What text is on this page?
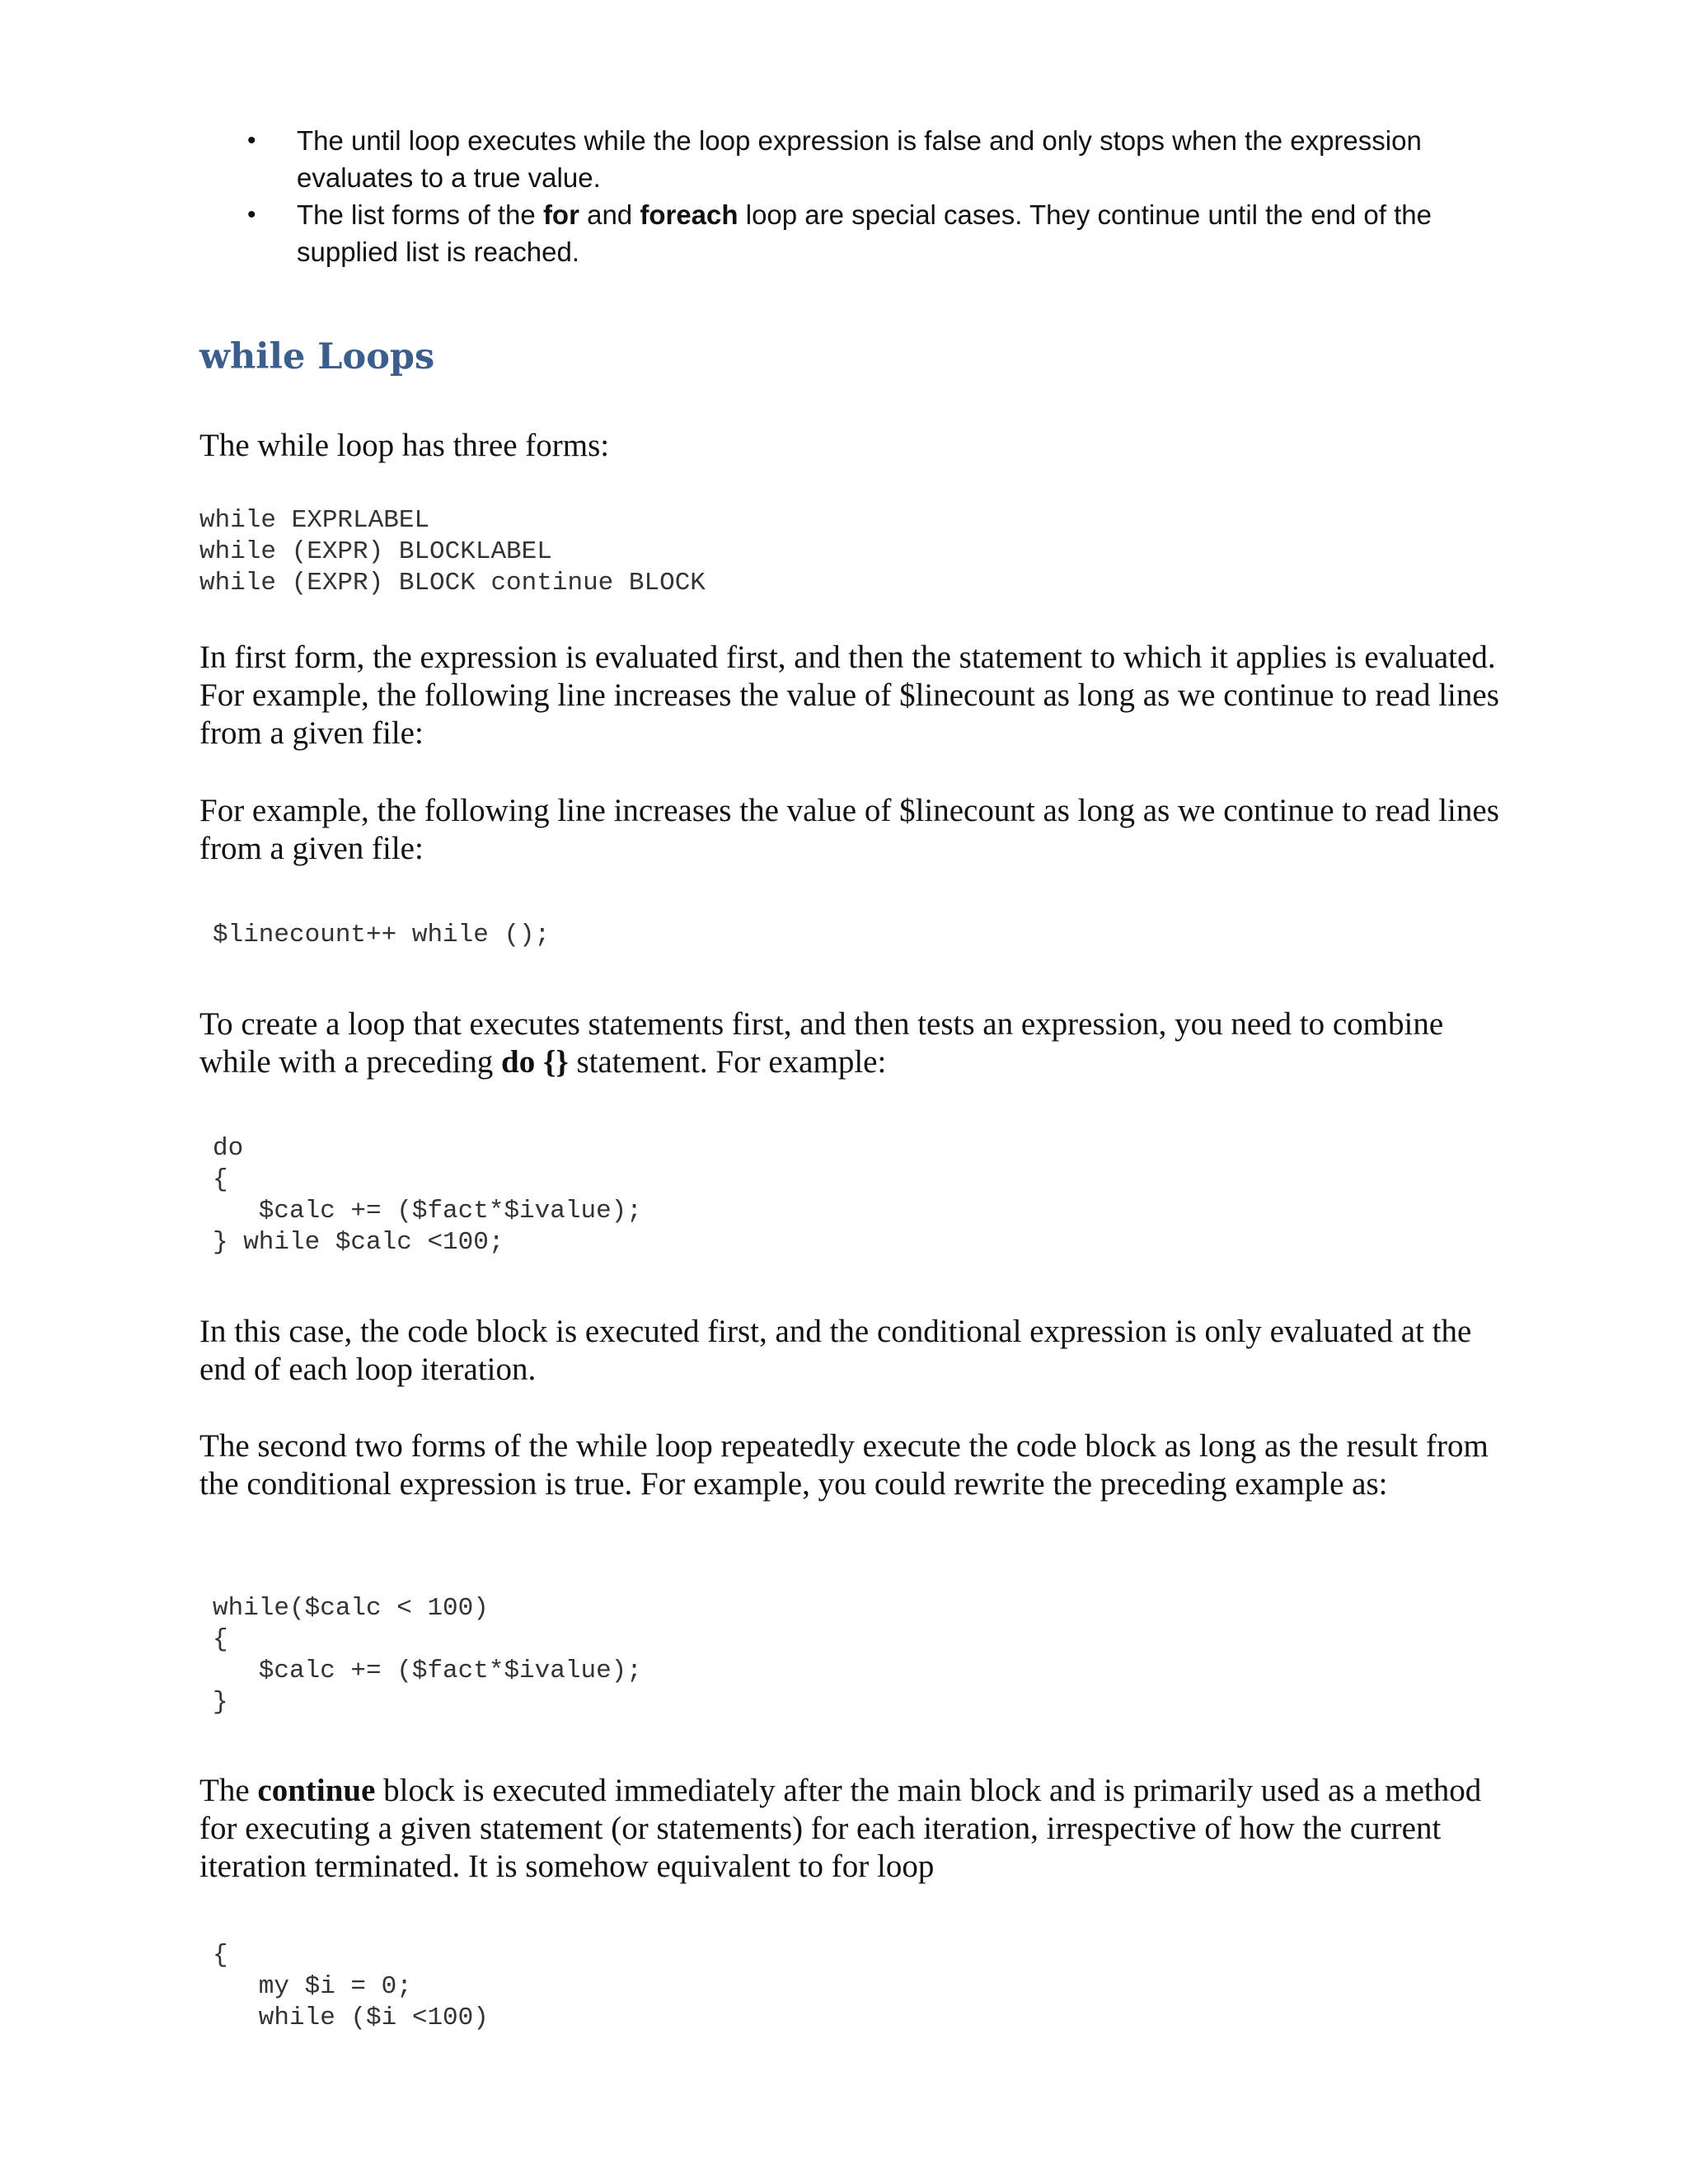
• The until loop executes while the loop expression is false and only stops when the expression evaluates to a true value.
• The list forms of the for and foreach loop are special cases. They continue until the end of the supplied list is reached.
while Loops

The while loop has three forms:

while EXPRLABEL
while (EXPR) BLOCKLABEL
while (EXPR) BLOCK continue BLOCK

In first form, the expression is evaluated first, and then the statement to which it applies is evaluated. For example, the following line increases the value of $linecount as long as we continue to read lines from a given file:

For example, the following line increases the value of $linecount as long as we continue to read lines from a given file:

$linecount++ while ();

To create a loop that executes statements first, and then tests an expression, you need to combine while with a preceding do {} statement. For example:

do
{
$calc += ($fact*$ivalue);
} while $calc <100;

In this case, the code block is executed first, and the conditional expression is only evaluated at the end of each loop iteration.

The second two forms of the while loop repeatedly execute the code block as long as the result from the conditional expression is true. For example, you could rewrite the preceding example as:

while($calc < 100)
{
$calc += ($fact*$ivalue);
}

The continue block is executed immediately after the main block and is primarily used as a method for executing a given statement (or statements) for each iteration, irrespective of how the current iteration terminated. It is somehow equivalent to for loop

{
my $i = 0;
while ($i <100)
